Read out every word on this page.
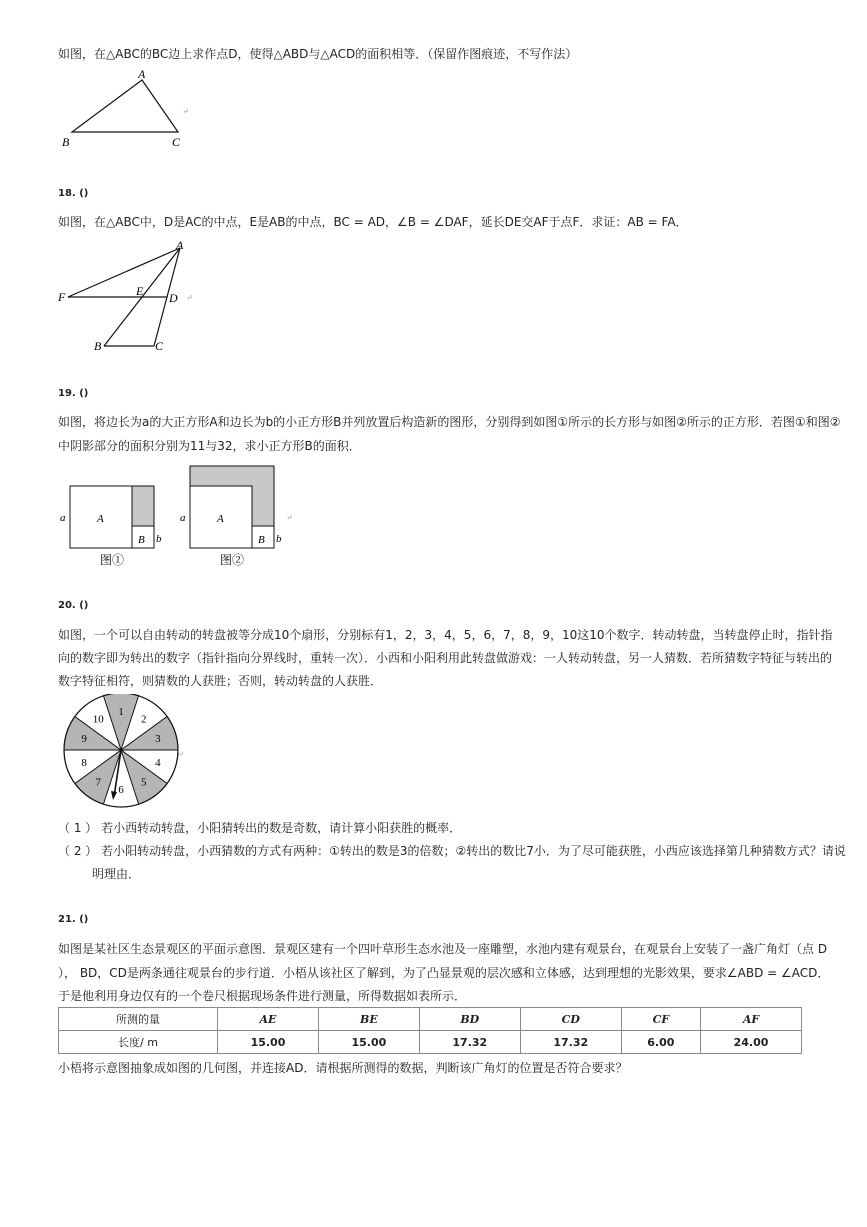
如图，在△ABC的BC边上求作点D，使得△ABD与△ACD的面积相等．（保留作图痕迹，不写作法）
A
B	C
↵
18. ()
如图，在△ABC中，D是AC的中点，E是AB的中点，BC = AD，∠B = ∠DAF，延长DE交AF于点F．求证：AB = FA．
A
F	E D
B	C
↵
19. ()
如图，将边长为a的大正方形A和边长为b的小正方形B并列放置后构造新的图形，分别得到如图①所示的长方形与如图②所示的正方形．若图①和图②
中阴影部分的面积分别为11与32，求小正方形B的面积．
a	A
B b
图①
a	A
B b
图②
↵
20. ()
如图，一个可以自由转动的转盘被等分成10个扇形，分别标有1，2，3，4，5，6，7，8，9，10这10个数字．转动转盘，当转盘停止时，指针指
向的数字即为转出的数字（指针指向分界线时，重转一次）．小西和小阳利用此转盘做游戏：一人转动转盘，另一人猜数．若所猜数字特征与转出的
数字特征相符，则猜数的人获胜；否则，转动转盘的人获胜．
1
2
3
4
5
6
7
8
9
10
↵
（ 1 ） 若小西转动转盘，小阳猜转出的数是奇数，请计算小阳获胜的概率．
（ 2 ） 若小阳转动转盘，小西猜数的方式有两种：①转出的数是3的倍数；②转出的数比7小．为了尽可能获胜，小西应该选择第几种猜数方式？请说
明理由．
21. ()
如图是某社区生态景观区的平面示意图．景观区建有一个四叶草形生态水池及一座雕塑，水池内建有观景台，在观景台上安装了一盏广角灯（点 D
）， BD，CD是两条通往观景台的步行道．小梧从该社区了解到，为了凸显景观的层次感和立体感，达到理想的光影效果，要求∠ABD = ∠ACD．
于是他利用身边仅有的一个卷尺根据现场条件进行测量，所得数据如表所示．
所测的量	AE	BE	BD	CD	CF	AF
长度/ m	15.00	15.00	17.32	17.32	6.00	24.00
小梧将示意图抽象成如图的几何图，并连接AD．请根据所测得的数据，判断该广角灯的位置是否符合要求？
